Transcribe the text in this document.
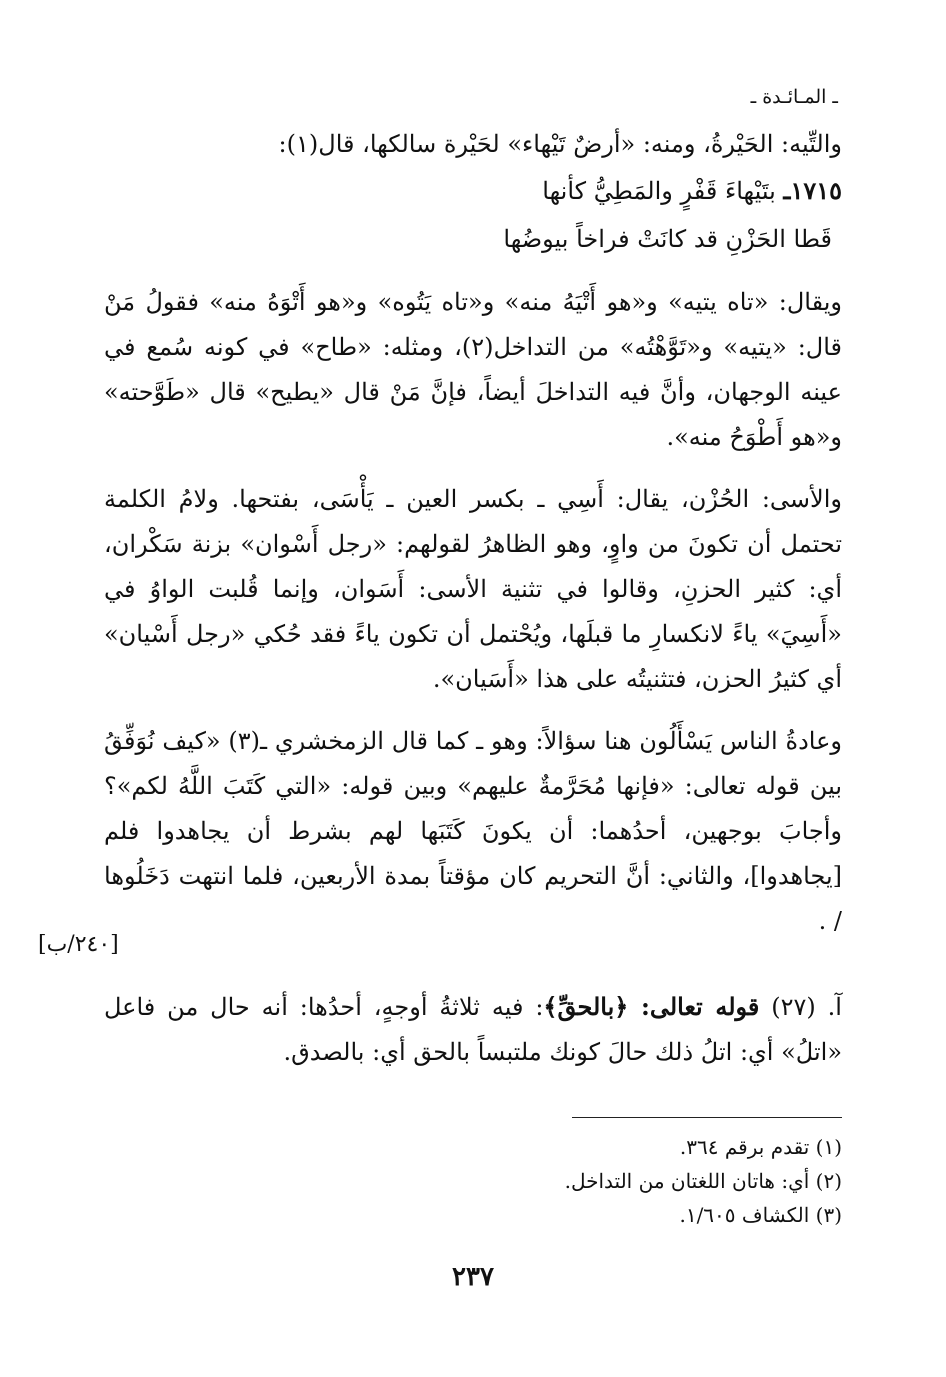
ـ المـائـدة ـ

والتِّيه: الحَيْرةُ، ومنه: «أرضٌ تَيْهاء» لحَيْرة سالكها، قال(١):

١٧١٥ـ بتَيْهاءَ قَفْرٍ والمَطِيُّ كأنها
قَطا الحَزْنِ قد كانَتْ فراخاً بيوضُها

ويقال: «تاه يتيه» و«هو أَتْيَهُ منه» و«تاه يَتُوه» و«هو أَتْوَهُ منه» فقولُ مَنْ قال: «يتيه» و«تَوَّهْتُه» من التداخل(٢)، ومثله: «طاح» في كونه سُمع في عينه الوجهان، وأنَّ فيه التداخلَ أيضاً، فإنَّ مَنْ قال «يطيح» قال «طَوَّحته» و«هو أَطْوَحُ منه».

والأسى: الحُزْن، يقال: أَسِي ـ بكسر العين ـ يَأْسَى، بفتحها. ولامُ الكلمة تحتمل أن تكونَ من واوٍ، وهو الظاهرُ لقولهم: «رجل أَسْوان» بزنة سَكْران، أي: كثير الحزنِ، وقالوا في تثنية الأسى: أَسَوان، وإنما قُلبت الواوُ في «أَسِيَ» ياءً لانكسارِ ما قبلَها، ويُحْتمل أن تكون ياءً فقد حُكي «رجل أَسْيان» أي كثيرُ الحزن، فتثنيتُه على هذا «أَسَيان».

وعادةُ الناس يَسْأَلُون هنا سؤالاً: وهو ـ كما قال الزمخشري ـ(٣) «كيف نُوَفِّقُ بين قوله تعالى: «فإنها مُحَرَّمةٌ عليهم» وبين قوله: «التي كَتَبَ اللَّهُ لكم»؟ وأجابَ بوجهين، أحدُهما: أن يكونَ كَتَبَها لهم بشرط أن يجاهدوا فلم [يجاهدوا]، والثاني: أنَّ التحريم كان مؤقتاً بمدة الأربعين، فلما انتهت دَخَلُوها / .

آ. (٢٧) قوله تعالى: ﴿بالحقِّ﴾: فيه ثلاثةُ أوجهٍ، أحدُها: أنه حال من فاعل «اتلُ» أي: اتلُ ذلك حالَ كونك ملتبساً بالحق أي: بالصدق.

[٢٤٠/ب]
(١) تقدم برقم ٣٦٤.
(٢) أي: هاتان اللغتان من التداخل.
(٣) الكشاف ١/٦٠٥.
٢٣٧
